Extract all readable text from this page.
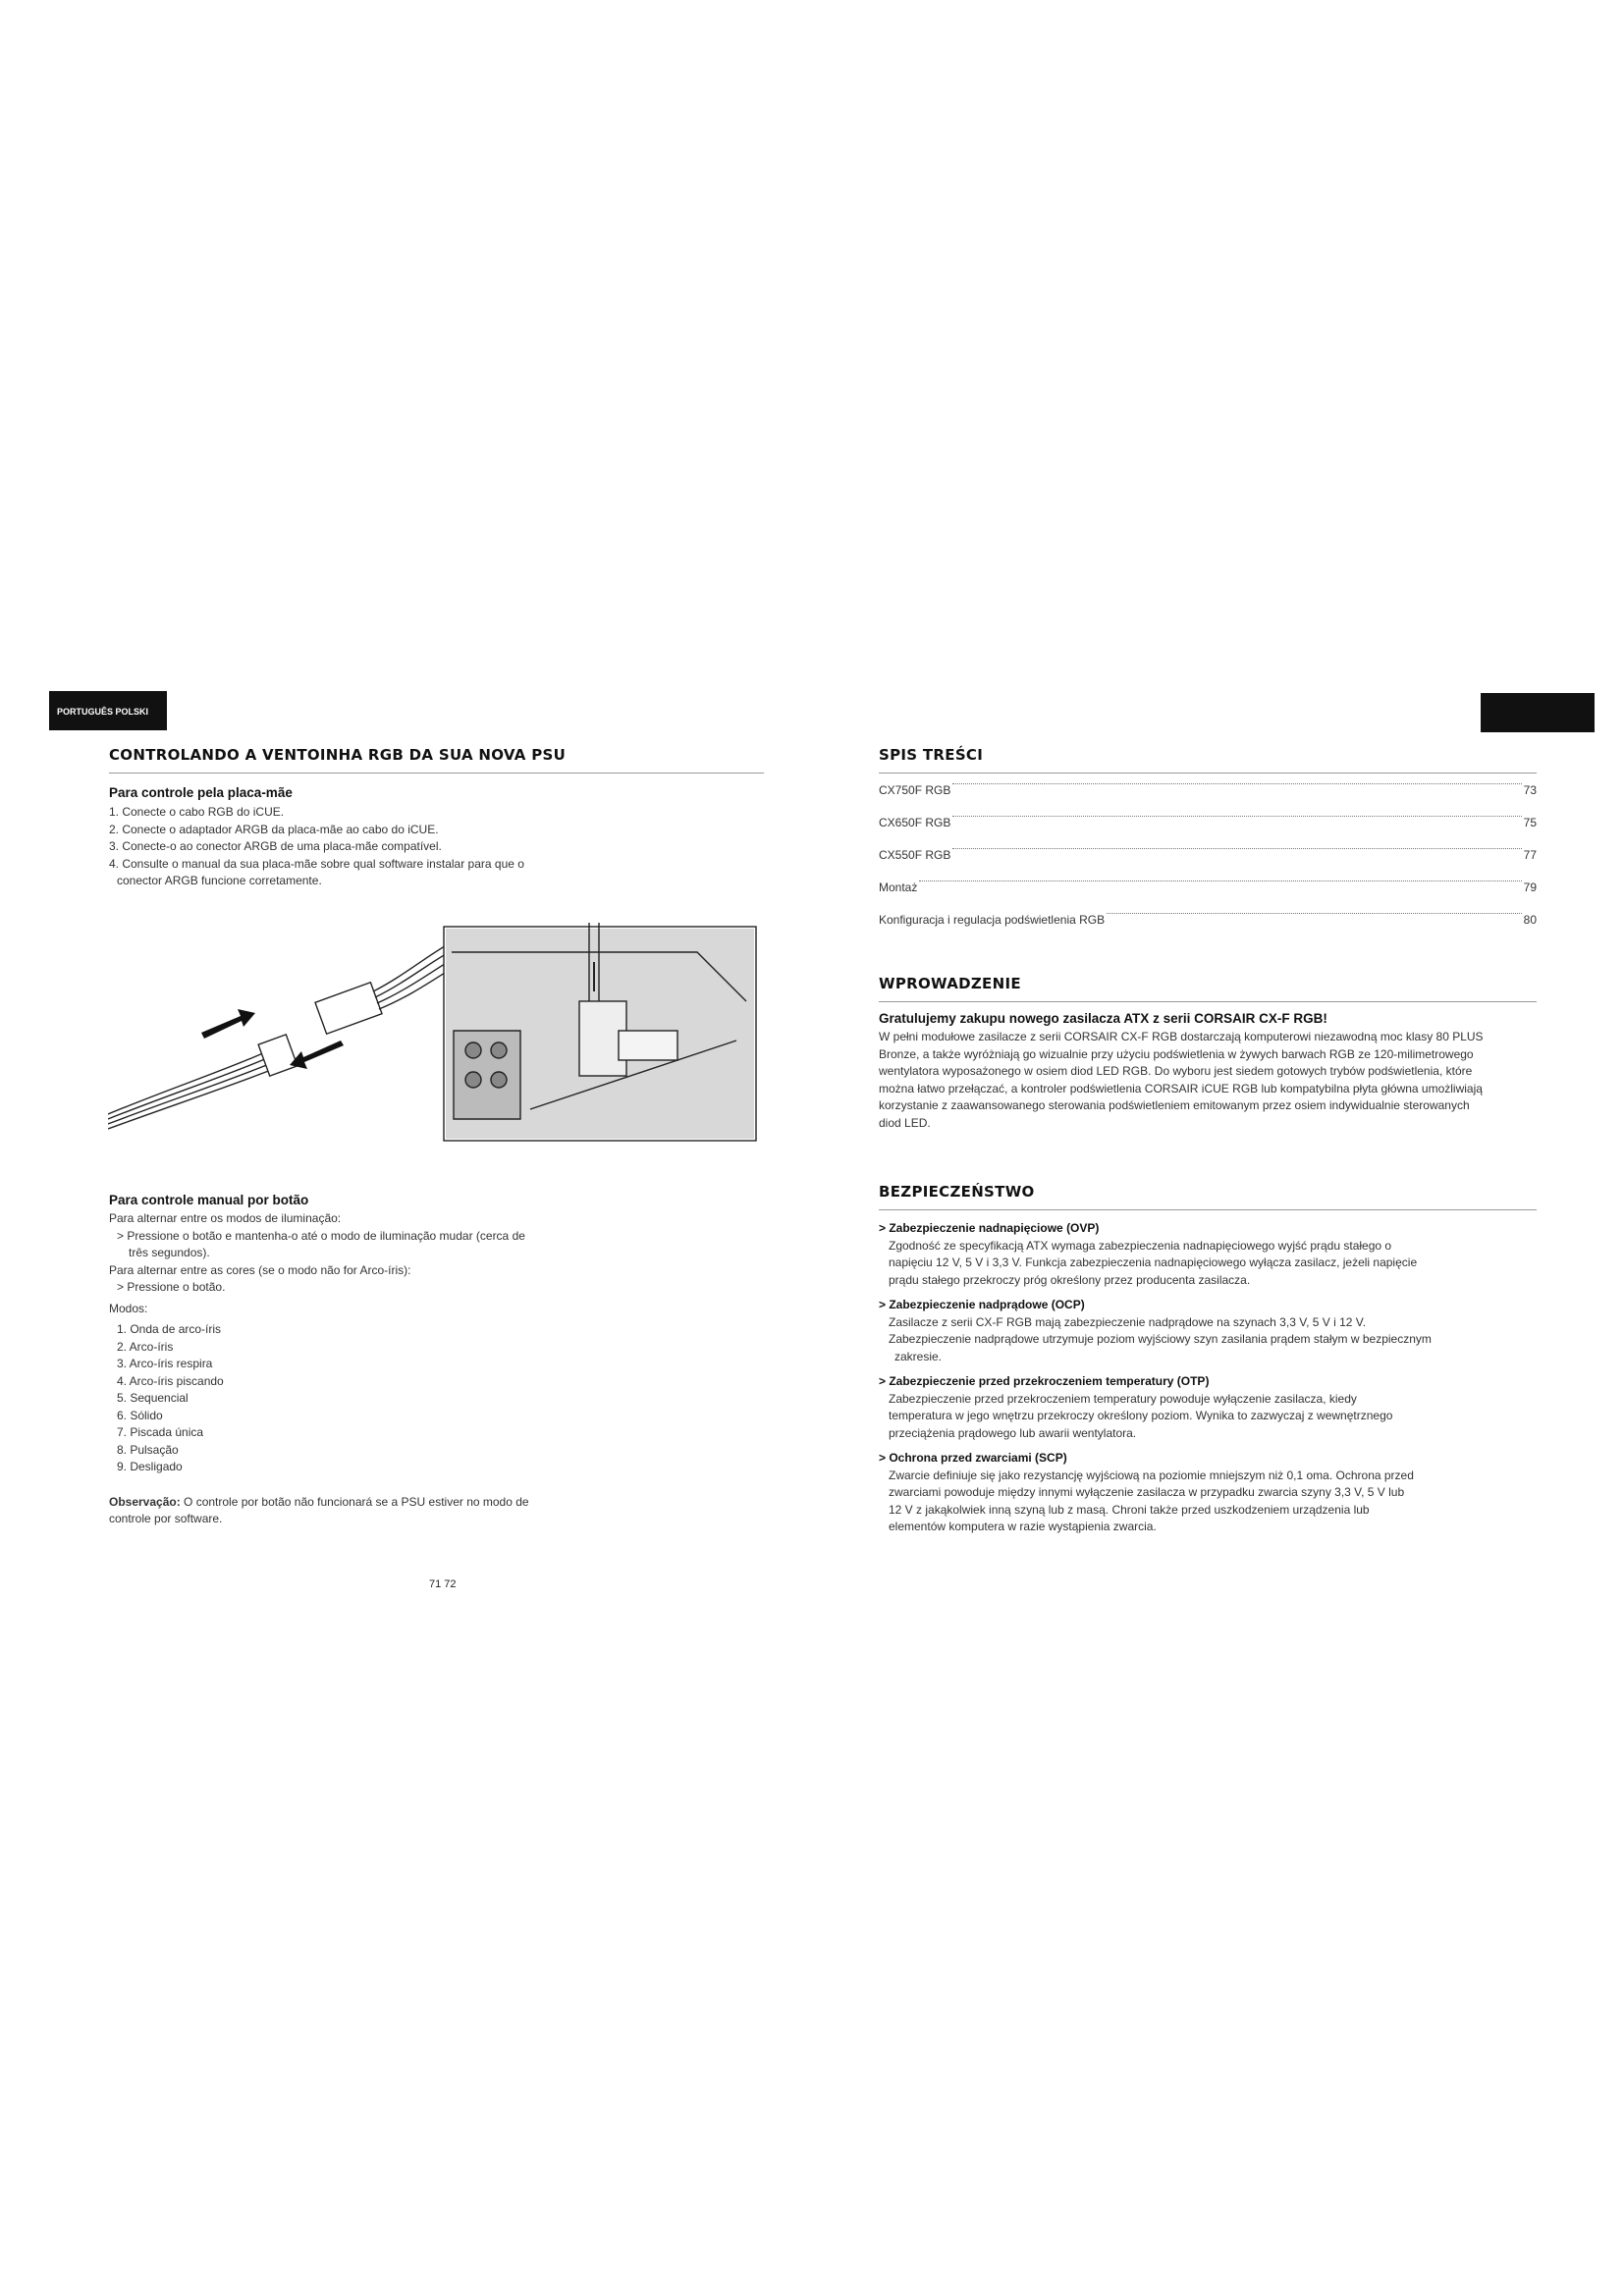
PORTUGUÊS POLSKI
CONTROLANDO A VENTOINHA RGB DA SUA NOVA PSU
Para controle pela placa-mãe
1. Conecte o cabo RGB do iCUE.
2. Conecte o adaptador ARGB da placa-mãe ao cabo do iCUE.
3. Conecte-o ao conector ARGB de uma placa-mãe compatível.
4. Consulte o manual da sua placa-mãe sobre qual software instalar para que o
conector ARGB funcione corretamente.
Para controle manual por botão

Para alternar entre os modos de iluminação:

> Pressione o botão e mantenha-o até o modo de iluminação mudar (cerca de

três segundos).

Para alternar entre as cores (se o modo não for Arco-íris):

> Pressione o botão.

Modos:

1. Onda de arco-íris
2. Arco-íris
3. Arco-íris respira
4. Arco-íris piscando
5. Sequencial
6. Sólido
7. Piscada única
8. Pulsação
9. Desligado

Observação: O controle por botão não funcionará se a PSU estiver no modo de

controle por software.

71 72
SPIS TREŚCI
CX750F RGB	73
CX650F RGB	75
CX550F RGB	77
Montaż	79
Konfiguracja i regulacja podświetlenia RGB	80
WPROWADZENIE
Gratulujemy zakupu nowego zasilacza ATX z serii CORSAIR CX-F RGB!

W pełni modułowe zasilacze z serii CORSAIR CX-F RGB dostarczają komputerowi niezawodną moc klasy 80 PLUS

Bronze, a także wyróżniają go wizualnie przy użyciu podświetlenia w żywych barwach RGB ze 120-milimetrowego

wentylatora wyposażonego w osiem diod LED RGB. Do wyboru jest siedem gotowych trybów podświetlenia, które

można łatwo przełączać, a kontroler podświetlenia CORSAIR iCUE RGB lub kompatybilna płyta główna umożliwiają

korzystanie z zaawansowanego sterowania podświetleniem emitowanym przez osiem indywidualnie sterowanych

diod LED.

BEZPIECZEŃSTWO

> Zabezpieczenie nadnapięciowe (OVP)

Zgodność ze specyfikacją ATX wymaga zabezpieczenia nadnapięciowego wyjść prądu stałego o

napięciu 12 V, 5 V i 3,3 V. Funkcja zabezpieczenia nadnapięciowego wyłącza zasilacz, jeżeli napięcie

prądu stałego przekroczy próg określony przez producenta zasilacza.

> Zabezpieczenie nadprądowe (OCP)

Zasilacze z serii CX-F RGB mają zabezpieczenie nadprądowe na szynach 3,3 V, 5 V i 12 V.

Zabezpieczenie nadprądowe utrzymuje poziom wyjściowy szyn zasilania prądem stałym w bezpiecznym

zakresie.

> Zabezpieczenie przed przekroczeniem temperatury (OTP)

Zabezpieczenie przed przekroczeniem temperatury powoduje wyłączenie zasilacza, kiedy

temperatura w jego wnętrzu przekroczy określony poziom. Wynika to zazwyczaj z wewnętrznego

przeciążenia prądowego lub awarii wentylatora.

> Ochrona przed zwarciami (SCP)

Zwarcie definiuje się jako rezystancję wyjściową na poziomie mniejszym niż 0,1 oma. Ochrona przed

zwarciami powoduje między innymi wyłączenie zasilacza w przypadku zwarcia szyny 3,3 V, 5 V lub

12 V z jakąkolwiek inną szyną lub z masą. Chroni także przed uszkodzeniem urządzenia lub

elementów komputera w razie wystąpienia zwarcia.
